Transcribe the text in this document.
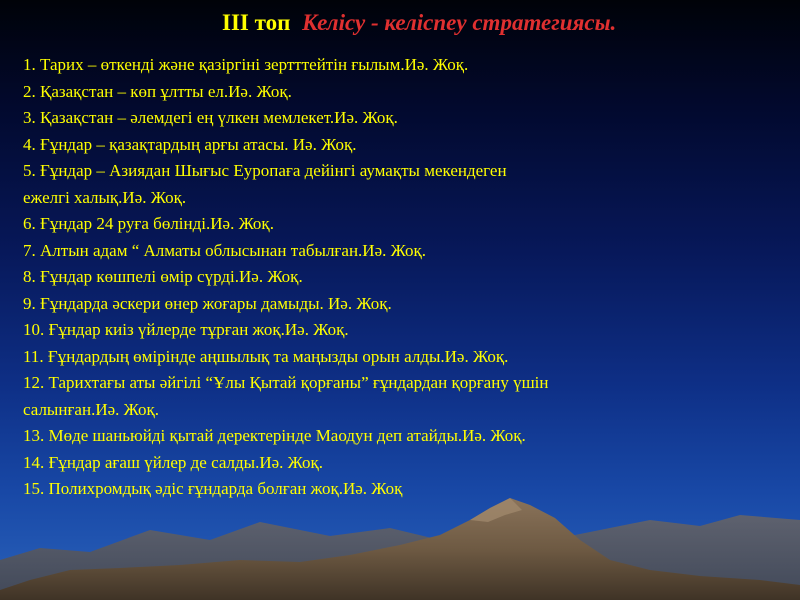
III топ Келісу - келіспеу стратегиясы.
1. Тарих – өткенді және қазіргіні зертттейтін ғылым.Иә. Жоқ.
2. Қазақстан – көп ұлтты ел.Иә. Жоқ.
3. Қазақстан – әлемдегі ең үлкен мемлекет.Иә. Жоқ.
4. Ғұндар – қазақтардың арғы атасы. Иә. Жоқ.
5. Ғұндар – Азиядан Шығыс Еуропаға дейінгі аумақты мекендеген
ежелгі халық.Иә. Жоқ.
6. Ғұндар 24 руға бөлінді.Иә. Жоқ.
7. Алтын адам “ Алматы облысынан табылған.Иә. Жоқ.
8. Ғұндар көшпелі өмір сүрді.Иә. Жоқ.
9. Ғұндарда әскери өнер жоғары дамыды. Иә. Жоқ.
10. Ғұндар киіз үйлерде тұрған жоқ.Иә. Жоқ.
11. Ғұндардың өмірінде аңшылық та маңызды орын алды.Иә. Жоқ.
12. Тарихтағы аты әйгілі “Ұлы Қытай қорғаны” ғұндардан қорғану үшін
салынған.Иә. Жоқ.
13. Мөде шаньюйді қытай деректерінде Маодун деп атайды.Иә. Жоқ.
14. Ғұндар ағаш үйлер де салды.Иә. Жоқ.
15. Полихромдық әдіс ғұндарда болған жоқ.Иә. Жоқ
